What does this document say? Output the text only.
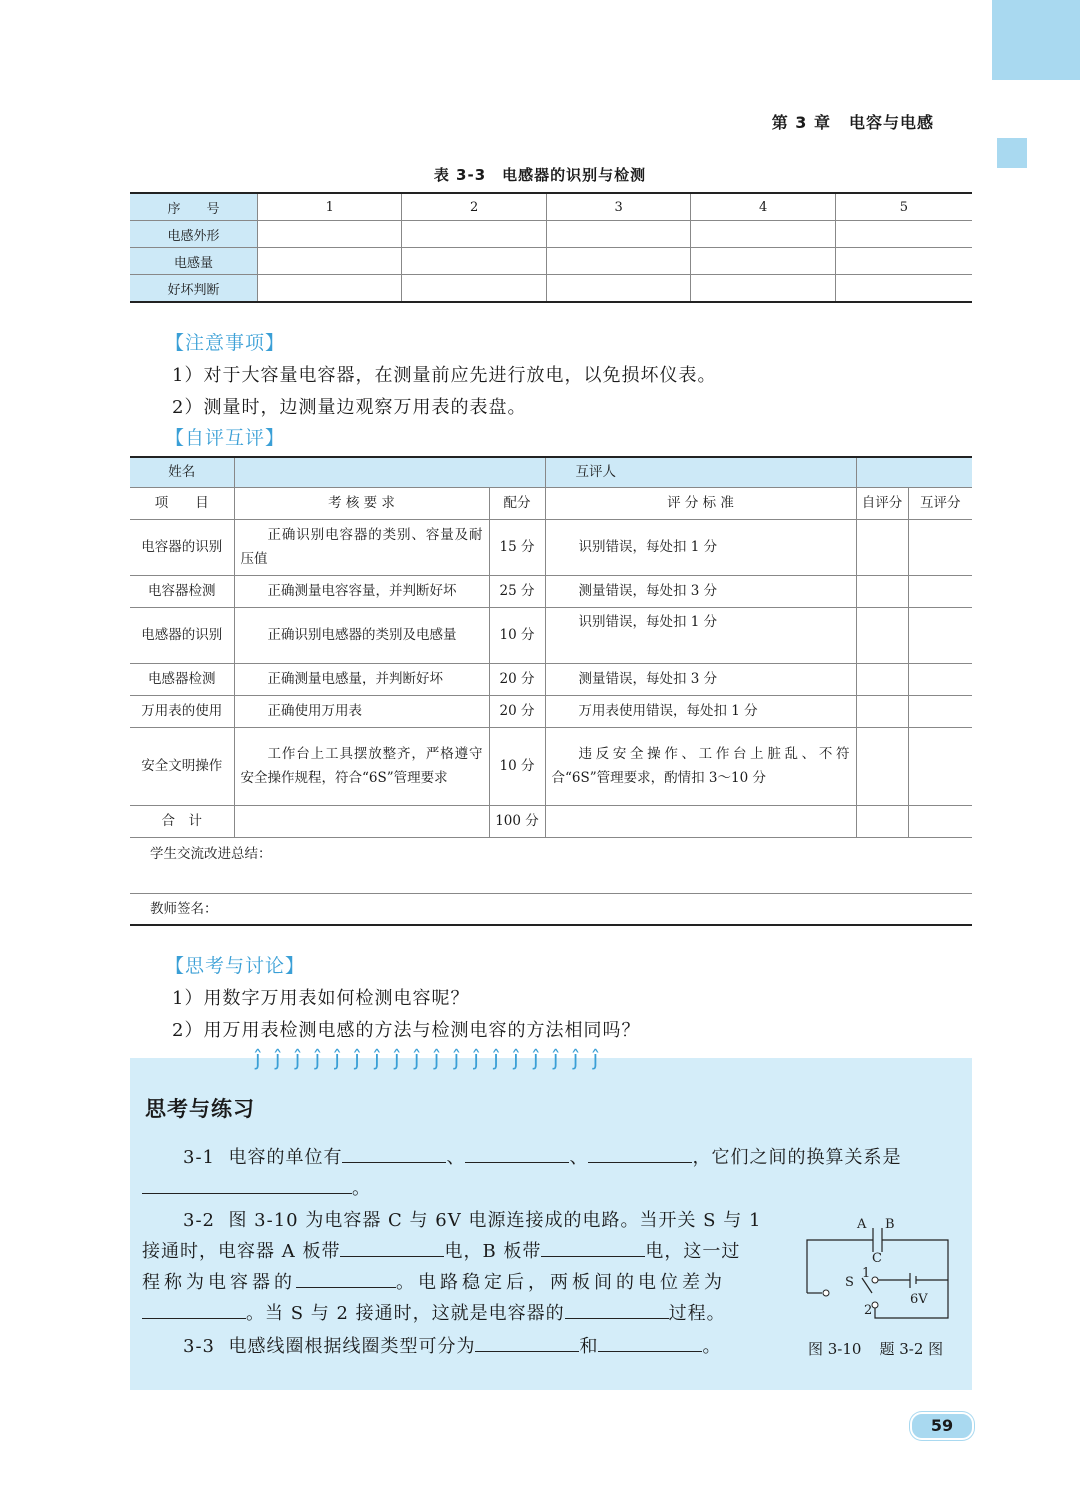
第 3 章 电容与电感
表 3-3 电感器的识别与检测
序　　号	1	2	3	4	5
电感外形					
电感量					
好坏判断					
【注意事项】
1）对于大容量电容器，在测量前应先进行放电，以免损坏仪表。
2）测量时，边测量边观察万用表的表盘。
【自评互评】
姓名			互评人		
项　　目	考 核 要 求	配分	评 分 标 准	自评分	互评分
电容器的识别	正确识别电容器的类别、容量及耐压值	15 分	识别错误，每处扣 1 分		
电容器检测	正确测量电容容量，并判断好坏	25 分	测量错误，每处扣 3 分		
电感器的识别	正确识别电感器的类别及电感量	10 分	识别错误，每处扣 1 分		
电感器检测	正确测量电感量，并判断好坏	20 分	测量错误，每处扣 3 分		
万用表的使用	正确使用万用表	20 分	万用表使用错误，每处扣 1 分		
安全文明操作	工作台上工具摆放整齐，严格遵守安全操作规程，符合“6S”管理要求	10 分	违反安全操作、工作台上脏乱、不符合“6S”管理要求，酌情扣 3～10 分		
合　计		100 分			
学生交流改进总结：					
教师签名：					
【思考与讨论】
1）用数字万用表如何检测电容呢？
2）用万用表检测电感的方法与检测电容的方法相同吗？
ĵĵĵĵĵĵĵĵĵĵĵĵĵĵĵĵĵĵ
思考与练习
3-1 电容的单位有	、	、	，它们之间的换算关系是
。
3-2 图 3-10 为电容器 C 与 6V 电源连接成的电路。当开关 S 与 1
接通时，电容器 A 板带	电，B 板带	电，这一过
程称为电容器的	。电路稳定后，两板间的电位差为
。当 S 与 2 接通时，这就是电容器的	过程。
3-3 电感线圈根据线圈类型可分为	和	。
A B
C
S
1
2
6V
图 3-10 题 3-2 图
59
